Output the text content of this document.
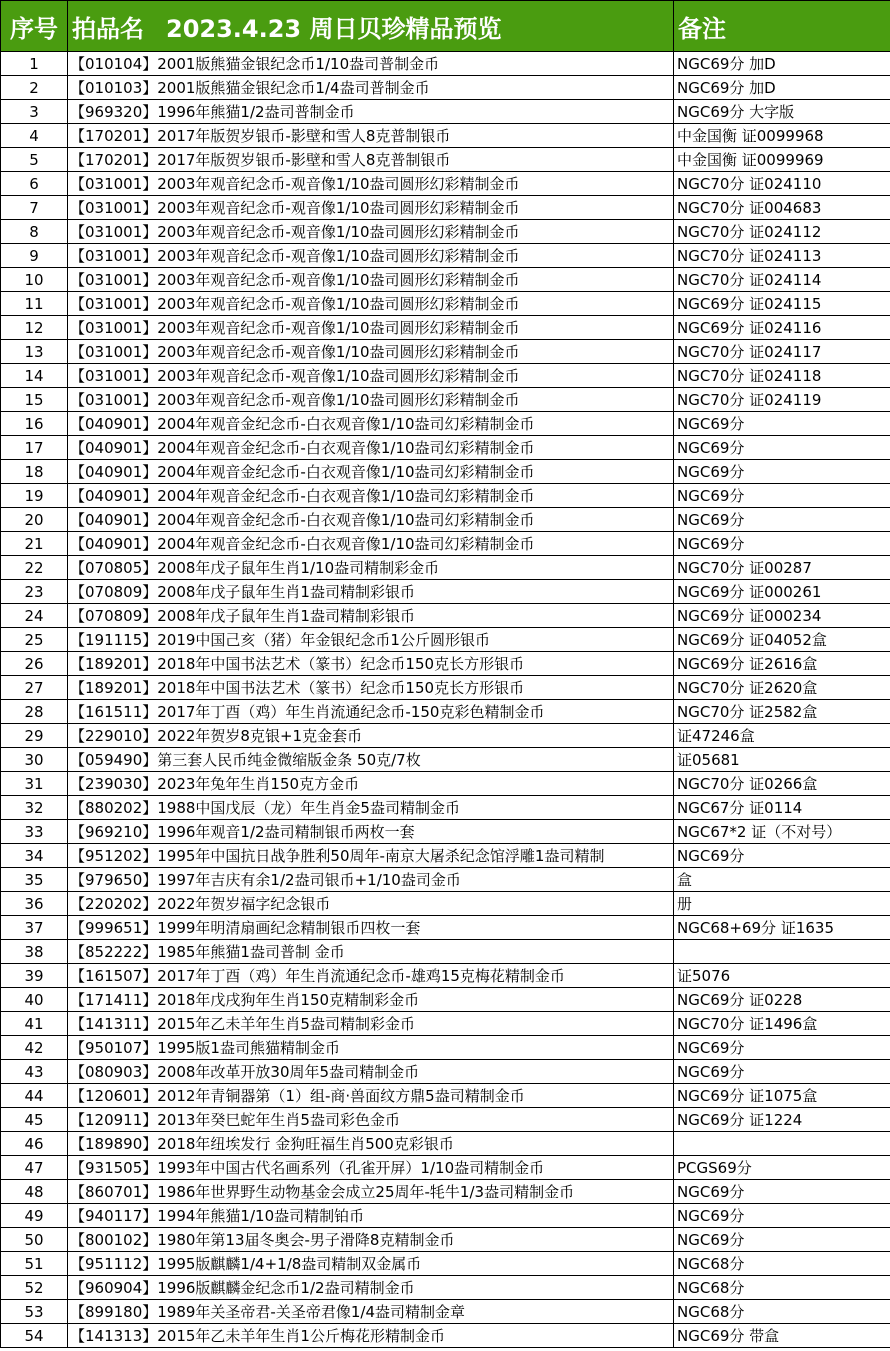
序号	拍品名 2023.4.23 周日贝珍精品预览	备注
1	【010104】2001版熊猫金银纪念币1/10盎司普制金币	NGC69分 加D
2	【010103】2001版熊猫金银纪念币1/4盎司普制金币	NGC69分 加D
3	【969320】1996年熊猫1/2盎司普制金币	NGC69分 大字版
4	【170201】2017年版贺岁银币-影壁和雪人8克普制银币	中金国衡 证0099968
5	【170201】2017年版贺岁银币-影壁和雪人8克普制银币	中金国衡 证0099969
6	【031001】2003年观音纪念币-观音像1/10盎司圆形幻彩精制金币	NGC70分 证024110
7	【031001】2003年观音纪念币-观音像1/10盎司圆形幻彩精制金币	NGC70分 证004683
8	【031001】2003年观音纪念币-观音像1/10盎司圆形幻彩精制金币	NGC70分 证024112
9	【031001】2003年观音纪念币-观音像1/10盎司圆形幻彩精制金币	NGC70分 证024113
10	【031001】2003年观音纪念币-观音像1/10盎司圆形幻彩精制金币	NGC70分 证024114
11	【031001】2003年观音纪念币-观音像1/10盎司圆形幻彩精制金币	NGC69分 证024115
12	【031001】2003年观音纪念币-观音像1/10盎司圆形幻彩精制金币	NGC69分 证024116
13	【031001】2003年观音纪念币-观音像1/10盎司圆形幻彩精制金币	NGC70分 证024117
14	【031001】2003年观音纪念币-观音像1/10盎司圆形幻彩精制金币	NGC70分 证024118
15	【031001】2003年观音纪念币-观音像1/10盎司圆形幻彩精制金币	NGC70分 证024119
16	【040901】2004年观音金纪念币-白衣观音像1/10盎司幻彩精制金币	NGC69分
17	【040901】2004年观音金纪念币-白衣观音像1/10盎司幻彩精制金币	NGC69分
18	【040901】2004年观音金纪念币-白衣观音像1/10盎司幻彩精制金币	NGC69分
19	【040901】2004年观音金纪念币-白衣观音像1/10盎司幻彩精制金币	NGC69分
20	【040901】2004年观音金纪念币-白衣观音像1/10盎司幻彩精制金币	NGC69分
21	【040901】2004年观音金纪念币-白衣观音像1/10盎司幻彩精制金币	NGC69分
22	【070805】2008年戊子鼠年生肖1/10盎司精制彩金币	NGC70分 证00287
23	【070809】2008年戊子鼠年生肖1盎司精制彩银币	NGC69分 证000261
24	【070809】2008年戊子鼠年生肖1盎司精制彩银币	NGC69分 证000234
25	【191115】2019中国己亥（猪）年金银纪念币1公斤圆形银币	NGC69分 证04052盒
26	【189201】2018年中国书法艺术（篆书）纪念币150克长方形银币	NGC69分 证2616盒
27	【189201】2018年中国书法艺术（篆书）纪念币150克长方形银币	NGC70分 证2620盒
28	【161511】2017年丁酉（鸡）年生肖流通纪念币-150克彩色精制金币	NGC70分 证2582盒
29	【229010】2022年贺岁8克银+1克金套币	证47246盒
30	【059490】第三套人民币纯金微缩版金条 50克/7枚	证05681
31	【239030】2023年兔年生肖150克方金币	NGC70分 证0266盒
32	【880202】1988中国戊辰（龙）年生肖金5盎司精制金币	NGC67分 证0114
33	【969210】1996年观音1/2盎司精制银币两枚一套	NGC67*2 证（不对号）
34	【951202】1995年中国抗日战争胜利50周年-南京大屠杀纪念馆浮雕1盎司精制	NGC69分
35	【979650】1997年吉庆有余1/2盎司银币+1/10盎司金币	盒
36	【220202】2022年贺岁福字纪念银币	册
37	【999651】1999年明清扇画纪念精制银币四枚一套	NGC68+69分 证1635
38	【852222】1985年熊猫1盎司普制 金币	
39	【161507】2017年丁酉（鸡）年生肖流通纪念币-雄鸡15克梅花精制金币	证5076
40	【171411】2018年戊戌狗年生肖150克精制彩金币	NGC69分 证0228
41	【141311】2015年乙未羊年生肖5盎司精制彩金币	NGC70分 证1496盒
42	【950107】1995版1盎司熊猫精制金币	NGC69分
43	【080903】2008年改革开放30周年5盎司精制金币	NGC69分
44	【120601】2012年青铜器第（1）组-商·兽面纹方鼎5盎司精制金币	NGC69分 证1075盒
45	【120911】2013年癸巳蛇年生肖5盎司彩色金币	NGC69分 证1224
46	【189890】2018年纽埃发行 金狗旺福生肖500克彩银币	
47	【931505】1993年中国古代名画系列（孔雀开屏）1/10盎司精制金币	PCGS69分
48	【860701】1986年世界野生动物基金会成立25周年-牦牛1/3盎司精制金币	NGC69分
49	【940117】1994年熊猫1/10盎司精制铂币	NGC69分
50	【800102】1980年第13届冬奥会-男子滑降8克精制金币	NGC69分
51	【951112】1995版麒麟1/4+1/8盎司精制双金属币	NGC68分
52	【960904】1996版麒麟金纪念币1/2盎司精制金币	NGC68分
53	【899180】1989年关圣帝君-关圣帝君像1/4盎司精制金章	NGC68分
54	【141313】2015年乙未羊年生肖1公斤梅花形精制金币	NGC69分 带盒
